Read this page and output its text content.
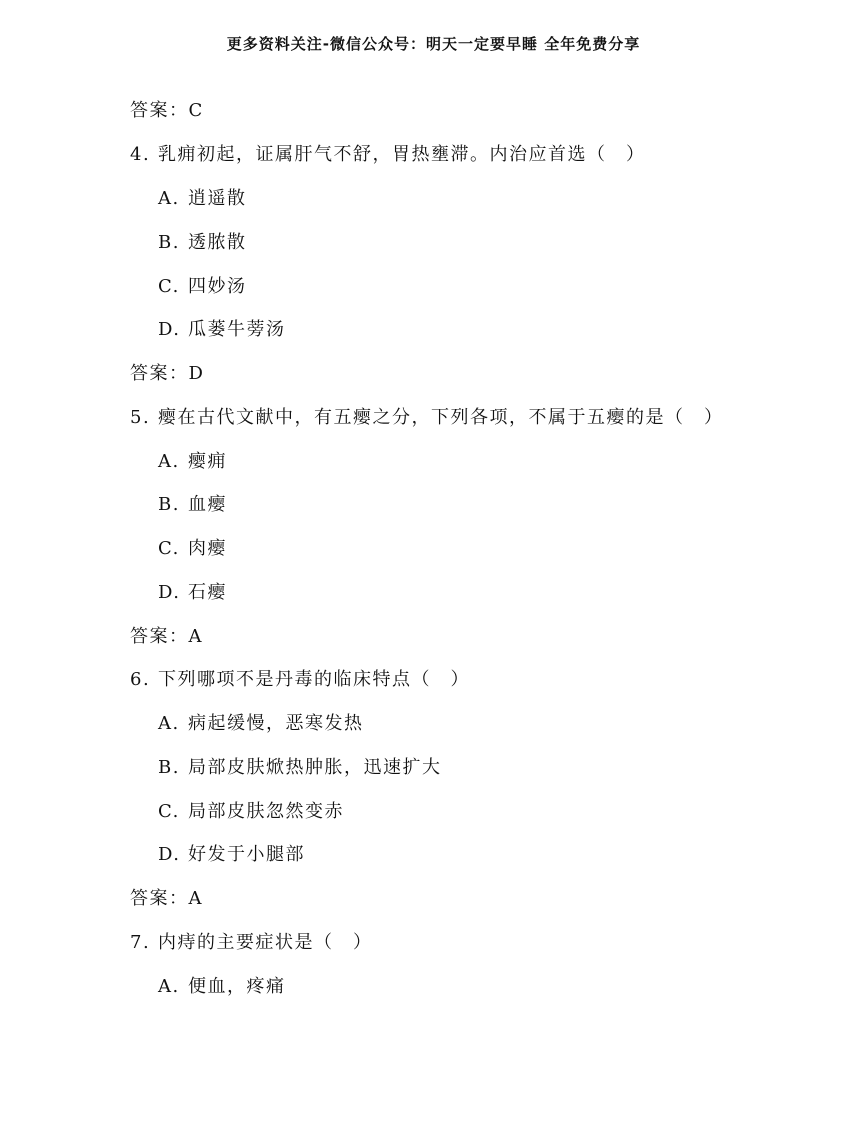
更多资料关注-微信公众号：明天一定要早睡 全年免费分享
答案：C
4. 乳痈初起，证属肝气不舒，胃热壅滞。内治应首选（　）
A. 逍遥散
B. 透脓散
C. 四妙汤
D. 瓜蒌牛蒡汤
答案：D
5. 瘿在古代文献中，有五瘿之分，下列各项，不属于五瘿的是（　）
A. 瘿痈
B. 血瘿
C. 肉瘿
D. 石瘿
答案：A
6. 下列哪项不是丹毒的临床特点（　）
A. 病起缓慢，恶寒发热
B. 局部皮肤焮热肿胀，迅速扩大
C. 局部皮肤忽然变赤
D. 好发于小腿部
答案：A
7. 内痔的主要症状是（　）
A. 便血，疼痛
